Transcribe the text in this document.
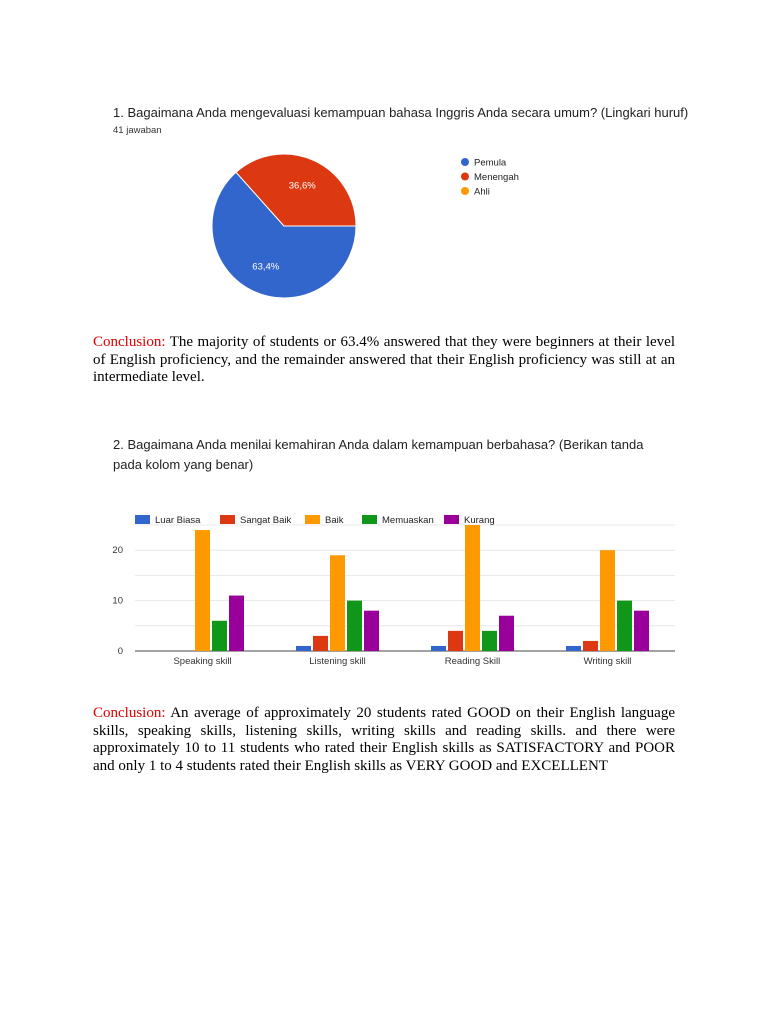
1. Bagaimana Anda mengevaluasi kemampuan bahasa Inggris Anda secara umum? (Lingkari huruf)
41 jawaban
63,4%
Pemula
36,6%
Menengah
Ahli
Conclusion: The majority of students or 63.4% answered that they were beginners at their level of English proficiency, and the remainder answered that their English proficiency was still at an intermediate level.
2. Bagaimana Anda menilai kemahiran Anda dalam kemampuan berbahasa? (Berikan tanda pada kolom yang benar)
0
10
20
Speaking skill	Listening skill	Reading Skill	Writing skill
Luar Biasa	Sangat Baik	Baik	Memuaskan	Kurang
Conclusion: An average of approximately 20 students rated GOOD on their English language skills, speaking skills, listening skills, writing skills and reading skills. and there were approximately 10 to 11 students who rated their English skills as SATISFACTORY and POOR and only 1 to 4 students rated their English skills as VERY GOOD and EXCELLENT
